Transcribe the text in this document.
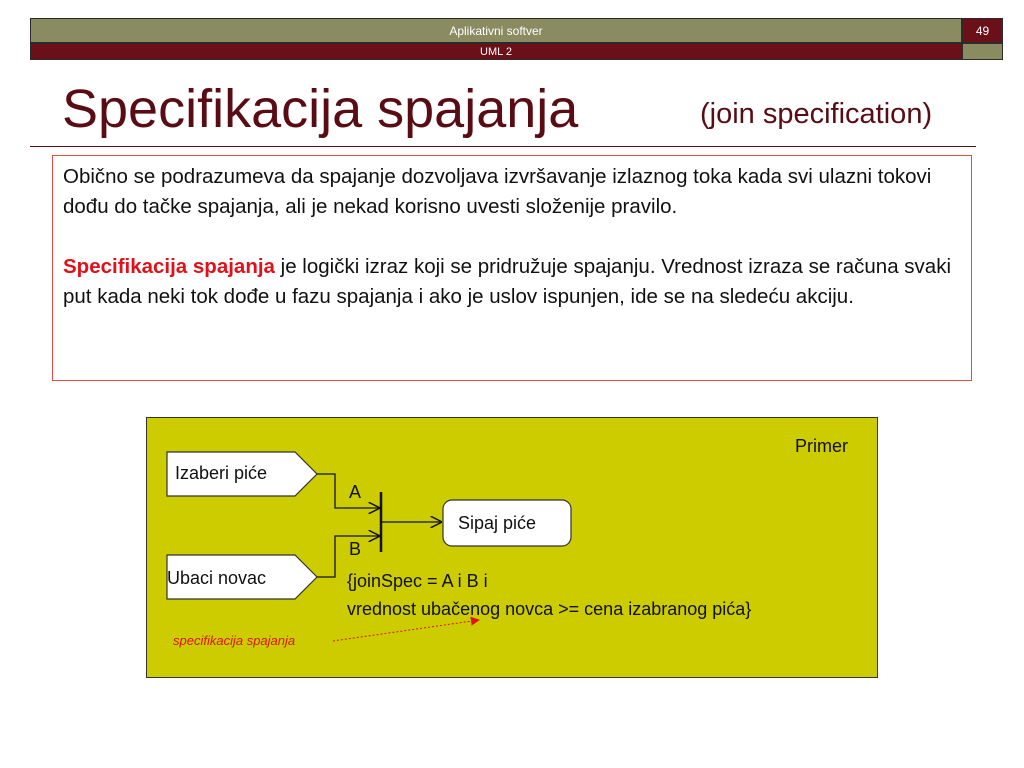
Aplikativni softver	49
UML 2
Specifikacija spajanja	(join specification)

Obično se podrazumeva da spajanje dozvoljava izvršavanje izlaznog toka kada svi ulazni tokovi dođu do tačke spajanja, ali je nekad korisno uvesti složenije pravilo.

Specifikacija spajanja je logički izraz koji se pridružuje spajanju. Vrednost izraza se računa svaki put kada neki tok dođe u fazu spajanja i ako je uslov ispunjen, ide se na sledeću akciju.

Primer
Izaberi piće
Ubaci novac
Sipaj piće
A
B
{joinSpec = A i B i
vrednost ubačenog novca >= cena izabranog pića}
specifikacija spajanja
